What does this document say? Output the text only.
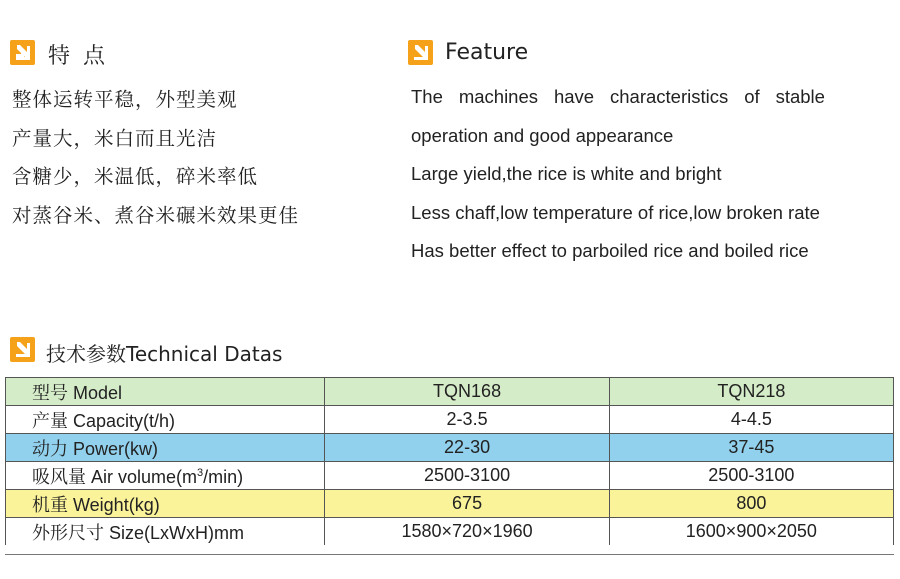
特 点
整体运转平稳，外型美观
产量大，米白而且光洁
含糖少，米温低，碎米率低
对蒸谷米、煮谷米碾米效果更佳
Feature
The machines have characteristics of stable
operation and good appearance
Large yield,the rice is white and bright
Less chaff,low temperature of rice,low broken rate
Has better effect to parboiled rice and boiled rice
技术参数Technical Datas
型号 Model	TQN168	TQN218
产量 Capacity(t/h)	2-3.5	4-4.5
动力 Power(kw)	22-30	37-45
吸风量 Air $volume(m^3/\min)$	2500-3100	2500-3100
机重 Weight(kg)	675	800
外形尺寸 Size(LxWxH)mm	1580×720×1960	1600×900×2050
